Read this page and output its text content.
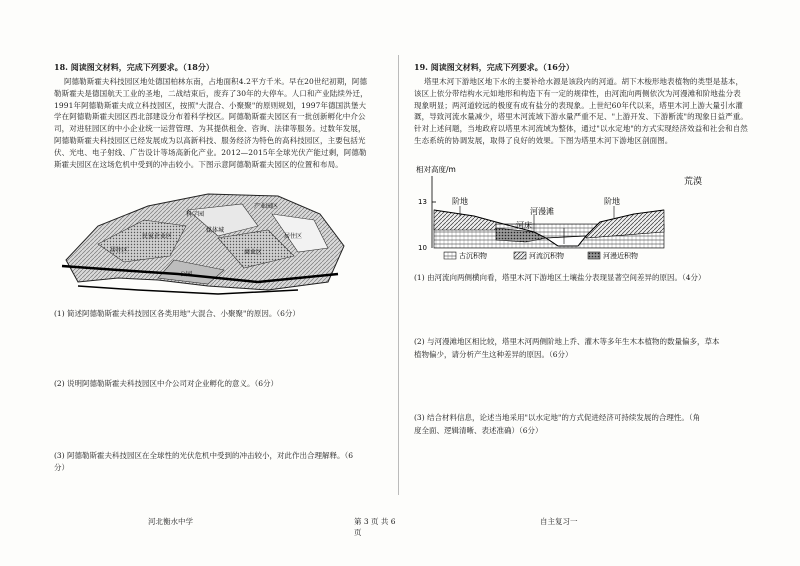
18. 阅读图文材料，完成下列要求。（18分）
阿德勒斯霍夫科技园区地处德国柏林东南，占地面积4.2平方千米。早在20世纪初期，阿德勒斯霍夫是德国航天工业的圣地，二战结束后，废弃了30年的大停车。人口和产业陆续外迁，1991年阿德勒斯霍夫成立科技园区，按照"大混合、小聚聚"的原则规划，1997年德国洪堡大学在阿德勒斯霍夫园区西北部建设分布着科学校区。阿德勒斯霍夫园区有一批创新孵化中介公司，对进驻园区的中小企业统一运营管理、为其提供租金、咨询、法律等服务。过数年发展，阿德勒斯霍夫科技园区已经发展成为以高新科技、服务经济为特色的高科技园区，主要包括光伏、光电、电子射线、广告设计等场高新化产业。2012—2015年全球光伏产能过剩，阿德勒斯霍夫园区在这场危机中受到的冲击较小。下图示意阿德勒斯霍夫园区的位置和布局。
科学园
产业园区
居住区
媒体城
民家企业区
商业区
居住区
公园
(1) 简述阿德勒斯霍夫科技园区各类用地"大混合、小聚聚"的原因。（6分）
(2) 说明阿德勒斯霍夫科技园区中介公司对企业孵化的意义。（6分）
(3) 阿德勒斯霍夫科技园区在全球性的光伏危机中受到的冲击较小，对此作出合理解释。（6
分）
河北衡水中学	第 3 页 共 6 页
19. 阅读图文材料，完成下列要求。（16分）
塔里木河下游地区地下水的主要补给水源是该段内的河道。胡下木梭形地表植物的类型是基本，该区上依分带结构水元如地形和构造下有一定的规律性，由河流向两侧依次为河漫滩和阶地盐分表现象明显；两河道较远的极度有成有盐分的表现象。上世纪60年代以来，塔里木河上游大量引水灌溉，导致河流水量减少，塔里木河流域下游水量严重不足、"上游开发、下游断流"的现象日益严重。针对上述问题，当地政府以塔里木河流域为整体，通过"以水定地"的方式实现经济效益和社会和自然生态系统的协调发展，取得了良好的效果。下图为塔里木河下游地区剖面图。
相对高度/m
13
10
阶地	阶地
河漫滩
河床
荒漠
古沉积物	河流沉积物	河漫近积物
(1) 由河流向两侧横向看，塔里木河下游地区土壤盐分表现显著空间差异的原因。（4分）
(2) 与河漫滩地区相比较，塔里木河两侧阶地上乔、灌木等多年生木本植物的数量偏多，草本
植物偏少，请分析产生这种差异的原因。（6分）
(3) 结合材料信息，论述当地采用"以水定地"的方式促进经济可持续发展的合理性。（角
度全面、逻辑清晰、表述准确）（6分）
自主复习一
